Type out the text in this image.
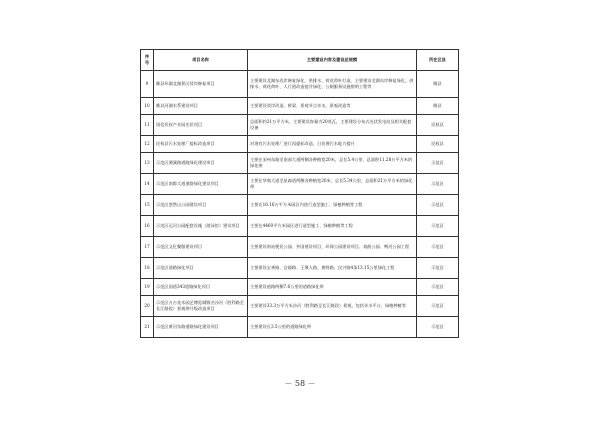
序号	项目名称	主要建设内容及建设总规模	所在区县
9	睢县环湖北湖景区驳岸修复项目	主要建设北湖东西岸修复绿化、供排水、荷花荷叶打造，主要建设北湖东岸修复绿化、供排水、荷花荷叶、人行道改造提升绿化、公厕服务设施照明工程等	睢县
10	睢县河湖水系建设项目	主要建设驳岸改造、桥梁、景观节点亲水，景观改造等	睢县
11	国信民权产业园光伏项目	总面积约21万平方米，主要建设容量为20兆瓦，主要建设分布式光伏发电站及相关配套设备	民权县
12	民权县污水处理厂提标改造项目	对现有污水处理厂进行再提标改造，日处理污水能力提升	民权县
13	示范区澳溪路道路绿化建设项目	主要在宋州东路至南部大道两侧各种植宽20米，总长5.4公里，总面积11.28万平方米的绿化带	示范区
14	示范区南都大道道路绿化建设项目	主要在华商大道至星森道两侧各种植宽20米，总长5.34公里，总面积21万平方米的绿化带	示范区
15	示范区悠然山公园建设项目	主要在16.16万平方米园区内进行造型施工、绿植种植等工程	示范区
16	示范区运河公园配套设施（游泳馆）建设项目	主要在4460平方米园区进行造型施工、绿植种植等工程	示范区
17	示范区文化餐服建设项目	主要建设南站便民公园、外国建设项目、环保公园建设项目、戏曲公园、鸭河公园工程	示范区
18	示范区道路绿化项目	主要建设宝善路、仓颉路、王聚人路、黄野路、民兴路4条13.15公里绿化工程	示范区
19	示范区国道343道路绿化项目	主要建设道路两侧7.6公里的道路绿化带	示范区
20	示范区万古花木园艺博览城暨名沙河（胜利路至长江路段）景观带升级改造项目	主要建设33.3万平方米沙河（胜利路至长江路段）景观，包括亲水平台、绿植种植等	示范区
21	示范区黄河东路道路绿化建设项目	主要建设长3.5公里的道路绿化带	示范区
－ 58 －
